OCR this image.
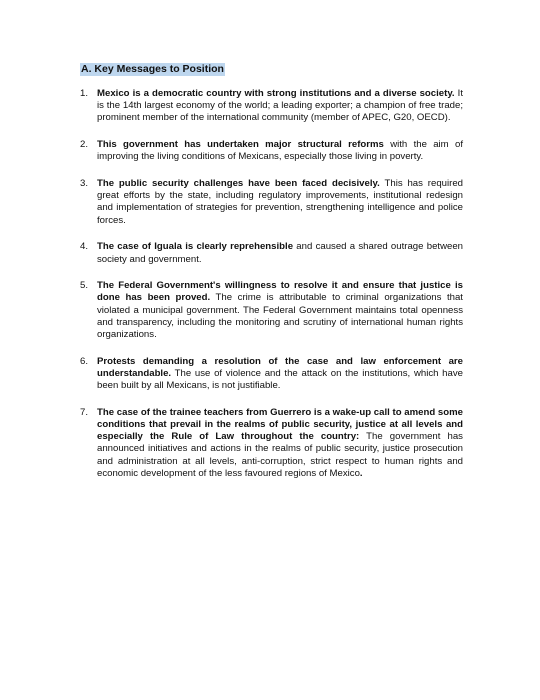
A. Key Messages to Position
1. Mexico is a democratic country with strong institutions and a diverse society. It is the 14th largest economy of the world; a leading exporter; a champion of free trade; prominent member of the international community (member of APEC, G20, OECD).
2. This government has undertaken major structural reforms with the aim of improving the living conditions of Mexicans, especially those living in poverty.
3. The public security challenges have been faced decisively. This has required great efforts by the state, including regulatory improvements, institutional redesign and implementation of strategies for prevention, strengthening intelligence and police forces.
4. The case of Iguala is clearly reprehensible and caused a shared outrage between society and government.
5. The Federal Government's willingness to resolve it and ensure that justice is done has been proved. The crime is attributable to criminal organizations that violated a municipal government. The Federal Government maintains total openness and transparency, including the monitoring and scrutiny of international human rights organizations.
6. Protests demanding a resolution of the case and law enforcement are understandable. The use of violence and the attack on the institutions, which have been built by all Mexicans, is not justifiable.
7. The case of the trainee teachers from Guerrero is a wake-up call to amend some conditions that prevail in the realms of public security, justice at all levels and especially the Rule of Law throughout the country: The government has announced initiatives and actions in the realms of public security, justice prosecution and administration at all levels, anti-corruption, strict respect to human rights and economic development of the less favoured regions of Mexico.
